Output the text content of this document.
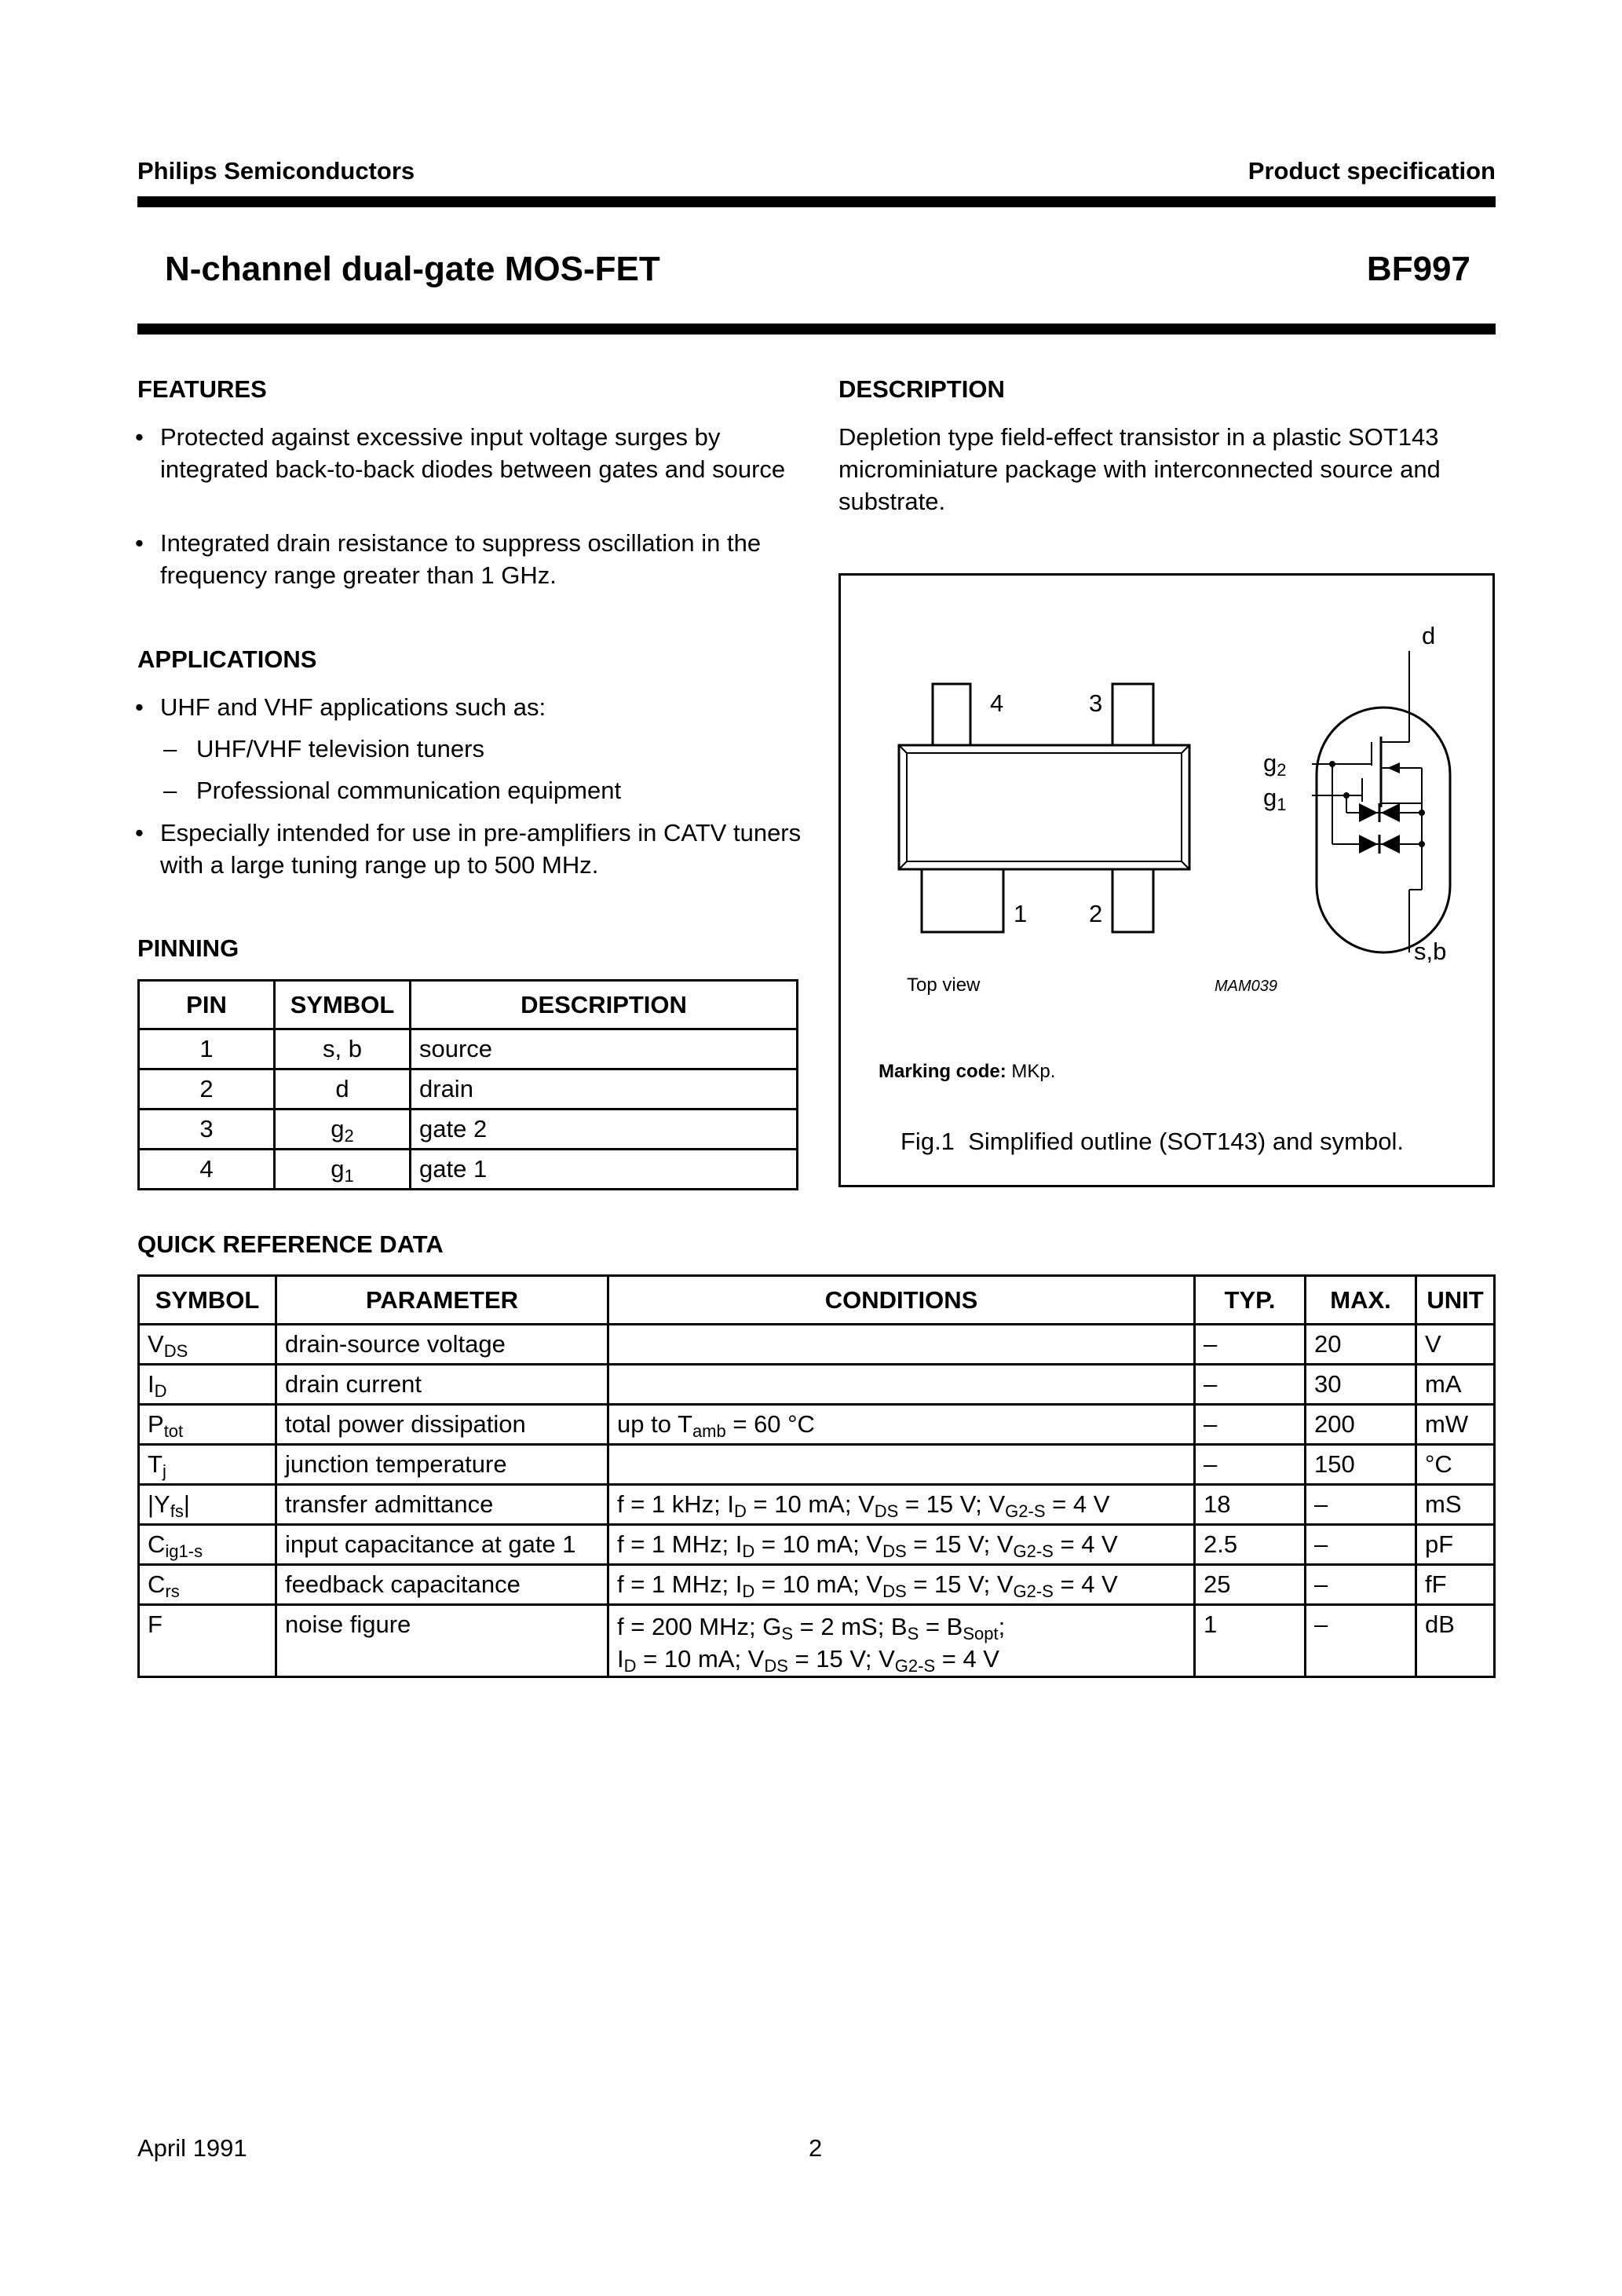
Philips Semiconductors	Product specification
N-channel dual-gate MOS-FET	BF997
FEATURES
• Protected against excessive input voltage surges by integrated back-to-back diodes between gates and source
• Integrated drain resistance to suppress oscillation in the frequency range greater than 1 GHz.
APPLICATIONS
• UHF and VHF applications such as:
– UHF/VHF television tuners
– Professional communication equipment
• Especially intended for use in pre-amplifiers in CATV tuners with a large tuning range up to 500 MHz.
PINNING
PIN	SYMBOL	DESCRIPTION
1	s, b	source
2	d	drain
3	$g_2$	gate 2
4	$g_1$	gate 1
DESCRIPTION
Depletion type field-effect transistor in a plastic SOT143 microminiature package with interconnected source and substrate.
4	3
1	2
d
$g_2$
$g_1$
s,b
Top view	MAM039
Marking code: MKp.
Fig.1 Simplified outline (SOT143) and symbol.
QUICK REFERENCE DATA
SYMBOL	PARAMETER	CONDITIONS	TYP.	MAX.	UNIT
$V_{DS}$	drain-source voltage		–	20	V
$I_D$	drain current		–	30	mA
$P_{tot}$	total power dissipation	up to $T_{amb} = 60$ °C	–	200	mW
$T_j$	junction temperature		–	150	°C
$|Y_{fs}|$	transfer admittance	f = 1 kHz; $I_D = 10$ mA; $V_{DS} = 15$ V; $V_{G2-S} = 4$ V	18	–	mS
$C_{ig1-s}$	input capacitance at gate 1	f = 1 MHz; $I_D = 10$ mA; $V_{DS} = 15$ V; $V_{G2-S} = 4$ V	2.5	–	pF
$C_{rs}$	feedback capacitance	f = 1 MHz; $I_D = 10$ mA; $V_{DS} = 15$ V; $V_{G2-S} = 4$ V	25	–	fF
F	noise figure	f = 200 MHz; $G_S = 2$ mS; $B_S = B_{Sopt}$;
$I_D = 10$ mA; $V_{DS} = 15$ V; $V_{G2-S} = 4$ V	1	–	dB
April 1991	2
